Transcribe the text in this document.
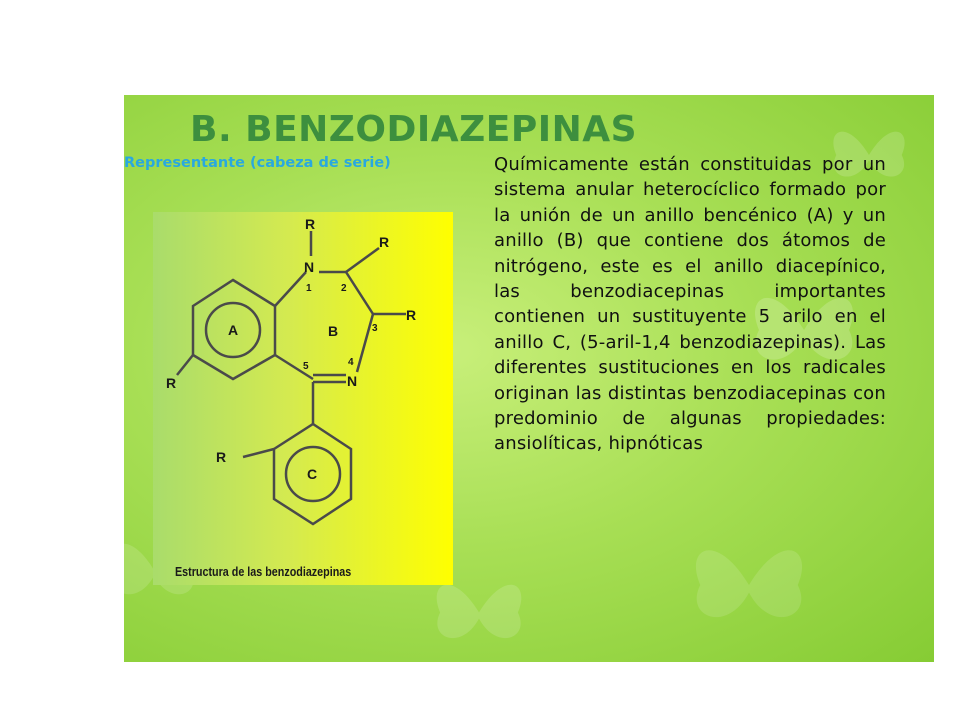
B. BENZODIAZEPINAS
Representante (cabeza de serie)
R
N
1	2
R
A	B	3
R
R
5	4
N
R
C
Estructura de las benzodiazepinas

Químicamente están constituidas por un sistema anular heterocíclico formado por la unión de un anillo bencénico (A) y un anillo (B) que contiene dos átomos de nitrógeno, este es el anillo diacepínico, las benzodiacepinas importantes contienen un sustituyente 5 arilo en el anillo C, (5-aril-1,4 benzodiazepinas). Las diferentes sustituciones en los radicales originan las distintas benzodiacepinas con predominio de algunas propiedades: ansiolíticas, hipnóticas
